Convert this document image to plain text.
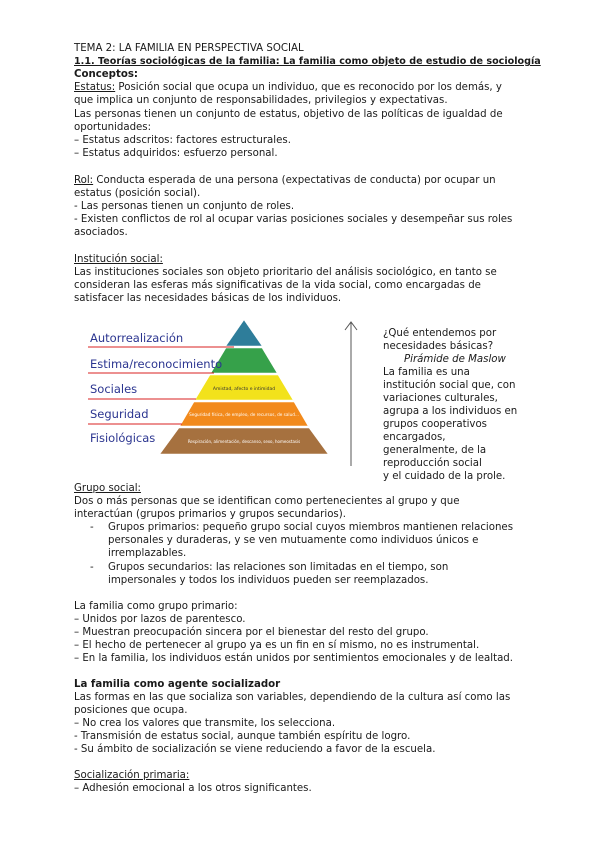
TEMA 2: LA FAMILIA EN PERSPECTIVA SOCIAL
1.1. Teorías sociológicas de la familia: La familia como objeto de estudio de sociología
Conceptos:
Estatus: Posición social que ocupa un individuo, que es reconocido por los demás, y
que implica un conjunto de responsabilidades, privilegios y expectativas.
Las personas tienen un conjunto de estatus, objetivo de las políticas de igualdad de
oportunidades:
– Estatus adscritos: factores estructurales.
– Estatus adquiridos: esfuerzo personal.
Rol: Conducta esperada de una persona (expectativas de conducta) por ocupar un
estatus (posición social).
- Las personas tienen un conjunto de roles.
- Existen conflictos de rol al ocupar varias posiciones sociales y desempeñar sus roles
asociados.
Institución social:
Las instituciones sociales son objeto prioritario del análisis sociológico, en tanto se
consideran las esferas más significativas de la vida social, como encargadas de
satisfacer las necesidades básicas de los individuos.
Amistad, afecto e intimidad
Seguridad física, de empleo, de recursos, de salud...
Respiración, alimentación, descanso, sexo, homeostasis
Autorrealización
Estima/reconocimiento
Sociales
Seguridad
Fisiológicas
¿Qué entendemos por
necesidades básicas?
Pirámide de Maslow
La familia es una
institución social que, con
variaciones culturales,
agrupa a los individuos en
grupos cooperativos
encargados,
generalmente, de la
reproducción social
y el cuidado de la prole.
Grupo social:
Dos o más personas que se identifican como pertenecientes al grupo y que
interactúan (grupos primarios y grupos secundarios).
- Grupos primarios: pequeño grupo social cuyos miembros mantienen relaciones
personales y duraderas, y se ven mutuamente como individuos únicos e
irremplazables.
- Grupos secundarios: las relaciones son limitadas en el tiempo, son
impersonales y todos los individuos pueden ser reemplazados.
La familia como grupo primario:
– Unidos por lazos de parentesco.
– Muestran preocupación sincera por el bienestar del resto del grupo.
– El hecho de pertenecer al grupo ya es un fin en sí mismo, no es instrumental.
– En la familia, los individuos están unidos por sentimientos emocionales y de lealtad.
La familia como agente socializador
Las formas en las que socializa son variables, dependiendo de la cultura así como las
posiciones que ocupa.
– No crea los valores que transmite, los selecciona.
- Transmisión de estatus social, aunque también espíritu de logro.
- Su ámbito de socialización se viene reduciendo a favor de la escuela.
Socialización primaria:
– Adhesión emocional a los otros significantes.
